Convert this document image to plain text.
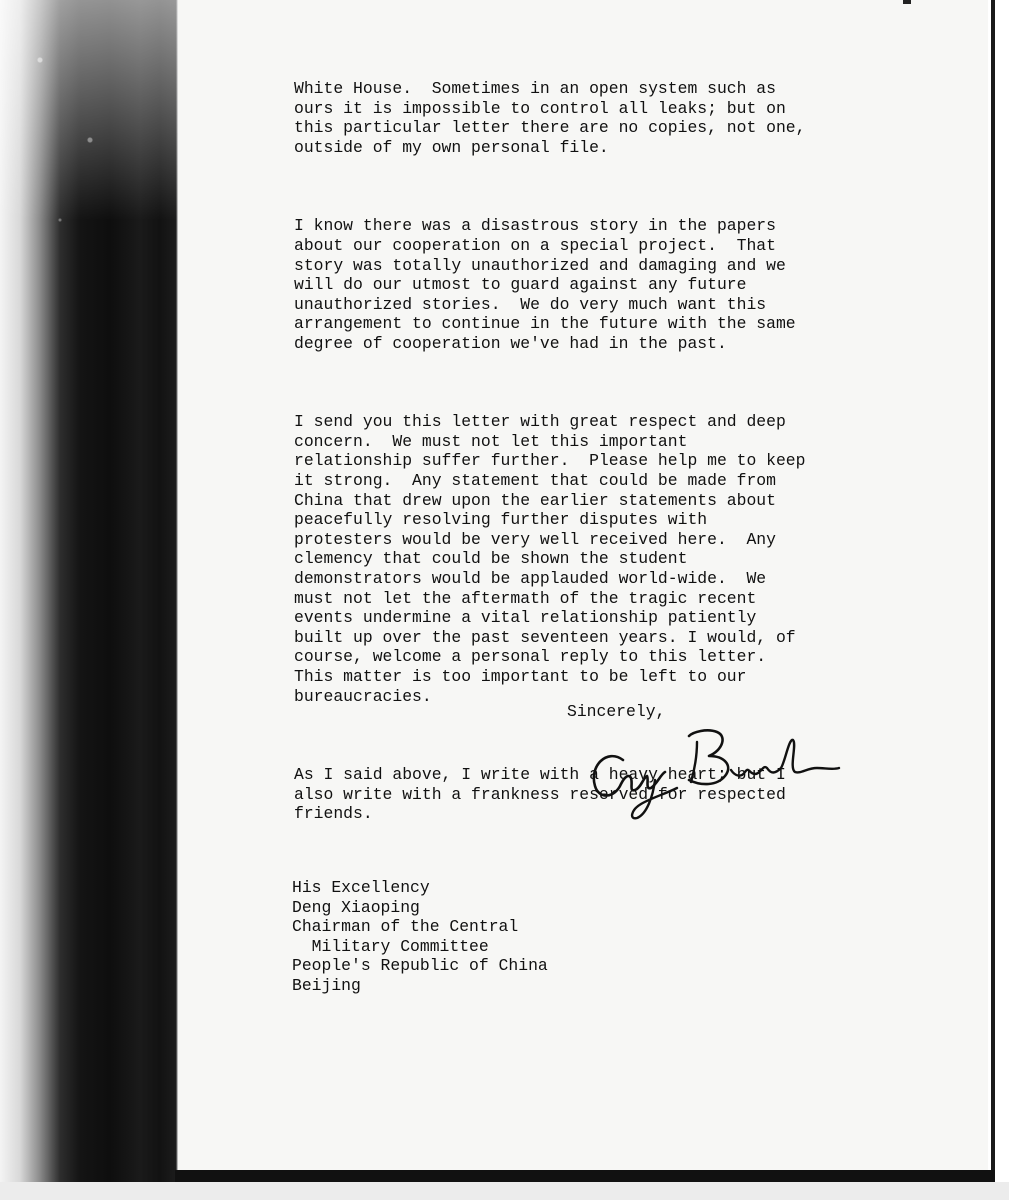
White House.  Sometimes in an open system such as
ours it is impossible to control all leaks; but on
this particular letter there are no copies, not one,
outside of my own personal file.

I know there was a disastrous story in the papers
about our cooperation on a special project.  That
story was totally unauthorized and damaging and we
will do our utmost to guard against any future
unauthorized stories.  We do very much want this
arrangement to continue in the future with the same
degree of cooperation we've had in the past.

I send you this letter with great respect and deep
concern.  We must not let this important
relationship suffer further.  Please help me to keep
it strong.  Any statement that could be made from
China that drew upon the earlier statements about
peacefully resolving further disputes with
protesters would be very well received here.  Any
clemency that could be shown the student
demonstrators would be applauded world-wide.  We
must not let the aftermath of the tragic recent
events undermine a vital relationship patiently
built up over the past seventeen years. I would, of
course, welcome a personal reply to this letter.
This matter is too important to be left to our
bureaucracies.

As I said above, I write with a heavy heart; but I
also write with a frankness reserved for respected
friends.

Sincerely,
His Excellency
Deng Xiaoping
Chairman of the Central
Military Committee
People's Republic of China
Beijing
